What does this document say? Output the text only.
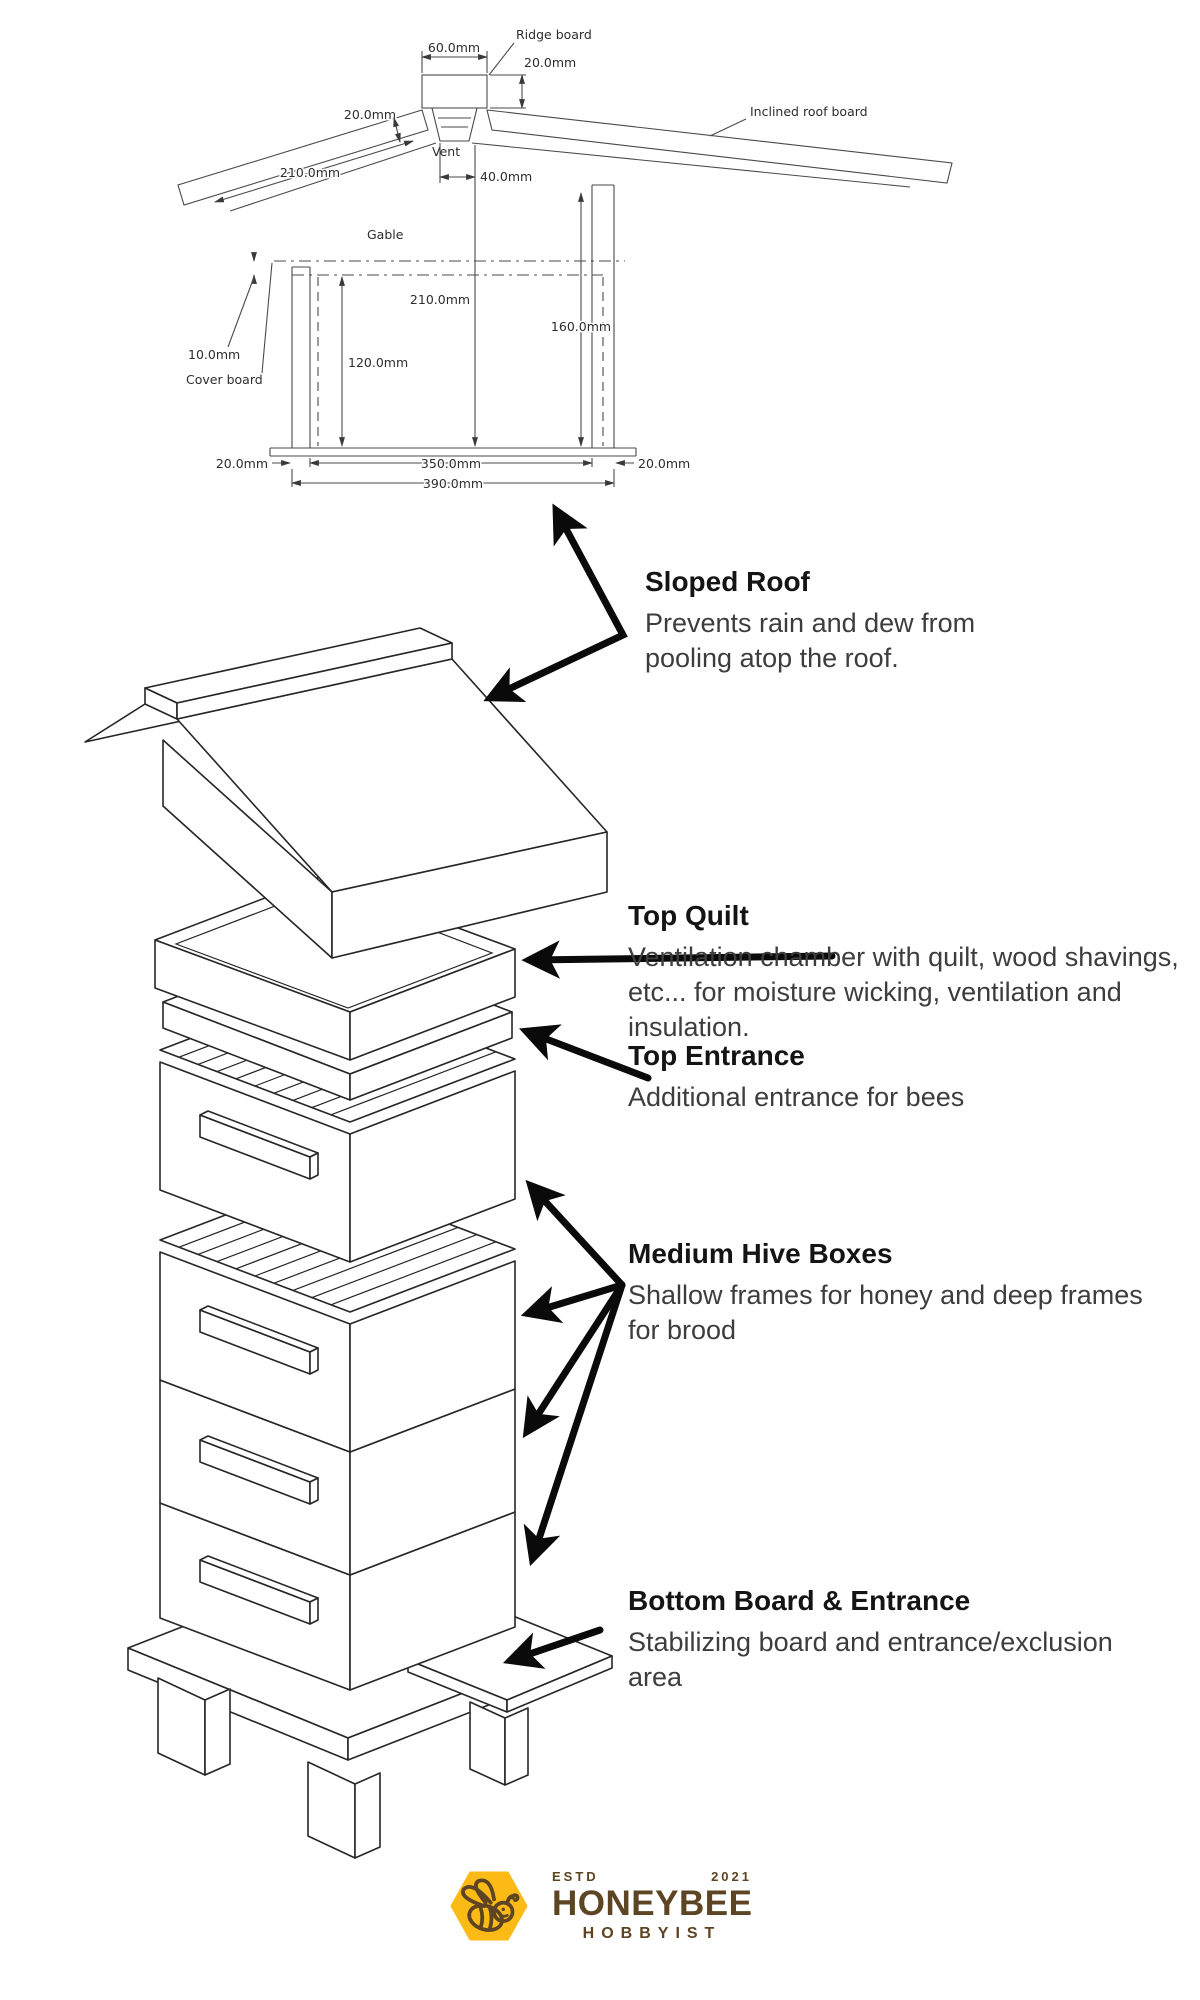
60.0mm
Ridge board
20.0mm
Inclined roof board
20.0mm
210.0mm
Vent
40.0mm
210.0mm
Gable
160.0mm
120.0mm
10.0mm
Cover board
350.0mm
20.0mm	20.0mm
390.0mm
Sloped Roof

Prevents rain and dew from pooling atop the roof.

Top Quilt

Ventilation chamber with quilt, wood shavings, etc... for moisture wicking, ventilation and insulation.

Top Entrance

Additional entrance for bees

Medium Hive Boxes

Shallow frames for honey and deep frames for brood

Bottom Board & Entrance

Stabilizing board and entrance/exclusion area

ESTD	2021
HONEYBEE
HOBBYIST
